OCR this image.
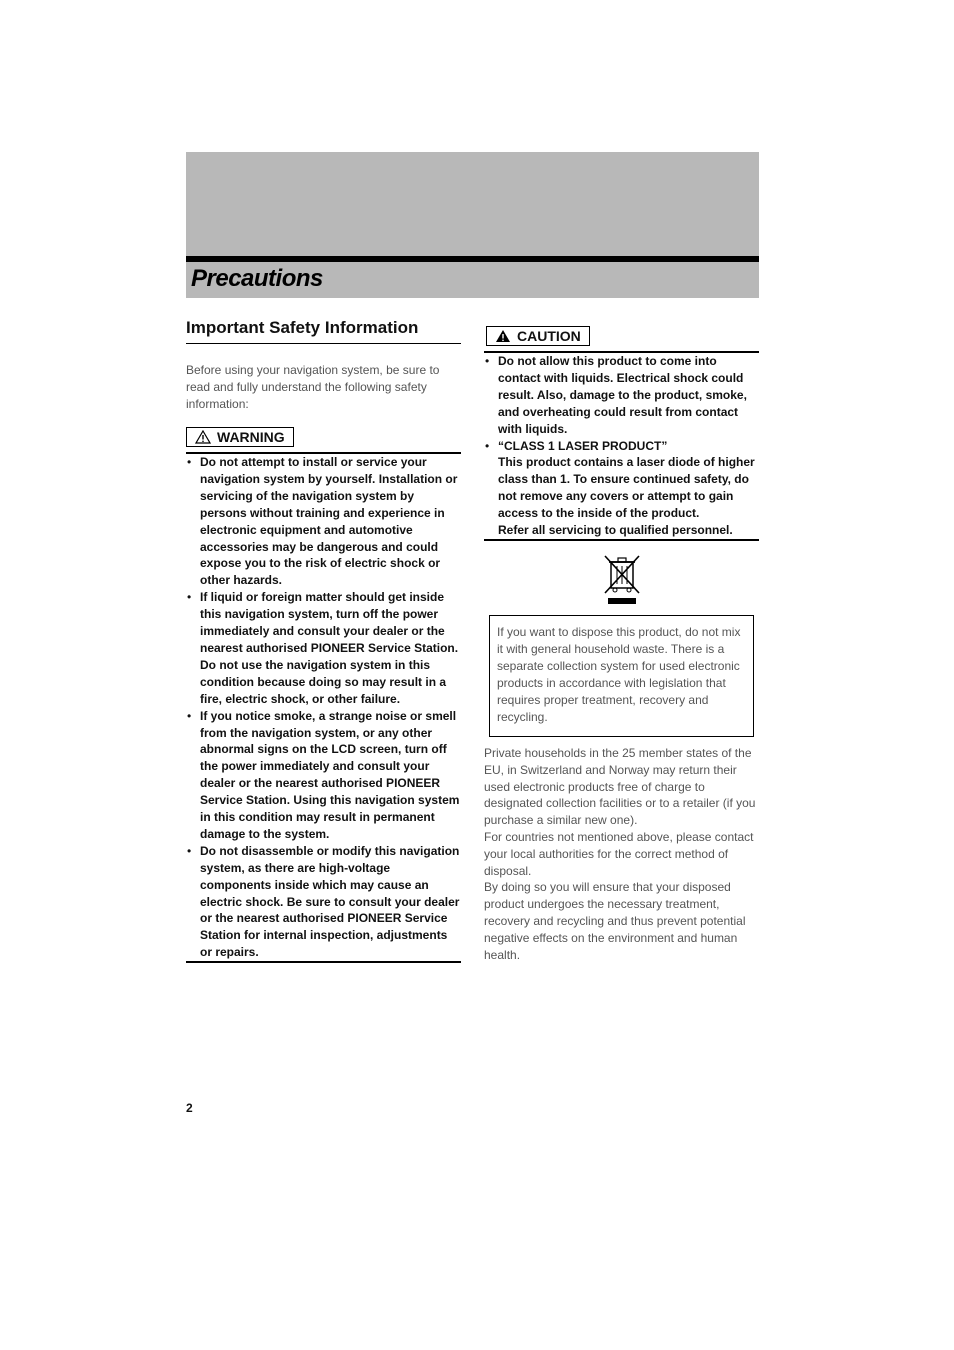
Precautions
Important Safety Information

Before using your navigation system, be sure to read and fully understand the following safety information:

WARNING
• Do not attempt to install or service your navigation system by yourself. Installation or servicing of the navigation system by persons without training and experience in electronic equipment and automotive accessories may be dangerous and could expose you to the risk of electric shock or other hazards.
• If liquid or foreign matter should get inside this navigation system, turn off the power immediately and consult your dealer or the nearest authorised PIONEER Service Station. Do not use the navigation system in this condition because doing so may result in a fire, electric shock, or other failure.
• If you notice smoke, a strange noise or smell from the navigation system, or any other abnormal signs on the LCD screen, turn off the power immediately and consult your dealer or the nearest authorised PIONEER Service Station. Using this navigation system in this condition may result in permanent damage to the system.
• Do not disassemble or modify this navigation system, as there are high-voltage components inside which may cause an electric shock. Be sure to consult your dealer or the nearest authorised PIONEER Service Station for internal inspection, adjustments or repairs.
CAUTION
• Do not allow this product to come into contact with liquids. Electrical shock could result. Also, damage to the product, smoke, and overheating could result from contact with liquids.
• “CLASS 1 LASER PRODUCT”
This product contains a laser diode of higher class than 1. To ensure continued safety, do not remove any covers or attempt to gain access to the inside of the product.
Refer all servicing to qualified personnel.
If you want to dispose this product, do not mix it with general household waste. There is a separate collection system for used electronic products in accordance with legislation that requires proper treatment, recovery and recycling.

Private households in the 25 member states of the EU, in Switzerland and Norway may return their used electronic products free of charge to designated collection facilities or to a retailer (if you purchase a similar new one).

For countries not mentioned above, please contact your local authorities for the correct method of disposal.

By doing so you will ensure that your disposed product undergoes the necessary treatment, recovery and recycling and thus prevent potential negative effects on the environment and human health.

2
